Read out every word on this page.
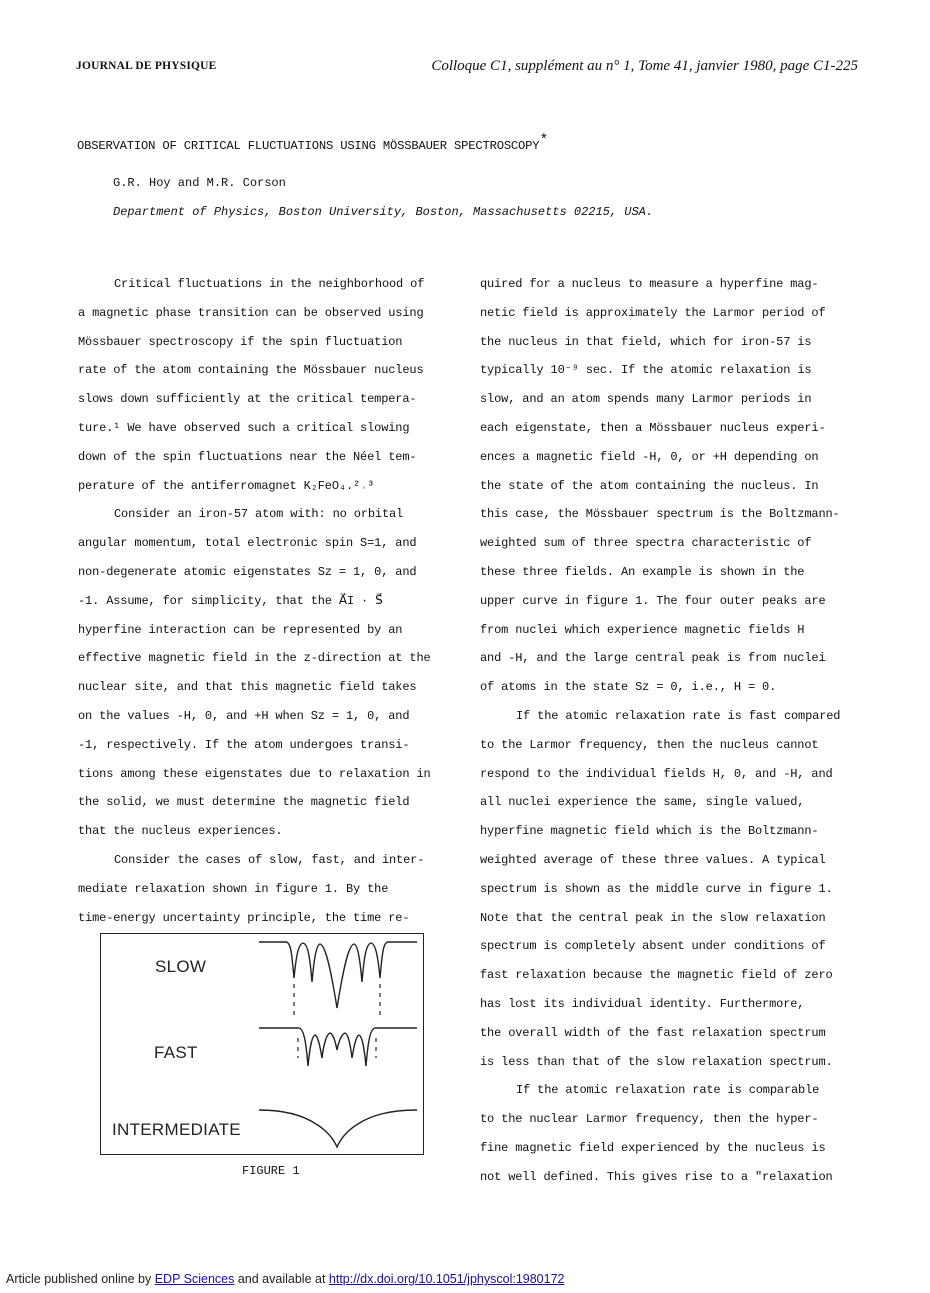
JOURNAL DE PHYSIQUE	Colloque C1, supplément au n° 1, Tome 41, janvier 1980, page C1-225
OBSERVATION OF CRITICAL FLUCTUATIONS USING MÖSSBAUER SPECTROSCOPY*
G.R. Hoy and M.R. Corson
Department of Physics, Boston University, Boston, Massachusetts 02215, USA.

Critical fluctuations in the neighborhood of
a magnetic phase transition can be observed using
Mössbauer spectroscopy if the spin fluctuation
rate of the atom containing the Mössbauer nucleus
slows down sufficiently at the critical tempera-
ture.¹ We have observed such a critical slowing
down of the spin fluctuations near the Néel tem-
perature of the antiferromagnet K₂FeO₄.²˒³

Consider an iron-57 atom with: no orbital
angular momentum, total electronic spin S=1, and
non-degenerate atomic eigenstates Sz = 1, 0, and
-1. Assume, for simplicity, that the A⃗I · S⃗
hyperfine interaction can be represented by an
effective magnetic field in the z-direction at the
nuclear site, and that this magnetic field takes
on the values -H, 0, and +H when Sz = 1, 0, and
-1, respectively. If the atom undergoes transi-
tions among these eigenstates due to relaxation in
the solid, we must determine the magnetic field
that the nucleus experiences.

Consider the cases of slow, fast, and inter-
mediate relaxation shown in figure 1. By the
time-energy uncertainty principle, the time re-

quired for a nucleus to measure a hyperfine mag-
netic field is approximately the Larmor period of
the nucleus in that field, which for iron-57 is
typically 10⁻⁹ sec. If the atomic relaxation is
slow, and an atom spends many Larmor periods in
each eigenstate, then a Mössbauer nucleus experi-
ences a magnetic field -H, 0, or +H depending on
the state of the atom containing the nucleus. In
this case, the Mössbauer spectrum is the Boltzmann-
weighted sum of three spectra characteristic of
these three fields. An example is shown in the
upper curve in figure 1. The four outer peaks are
from nuclei which experience magnetic fields H
and -H, and the large central peak is from nuclei
of atoms in the state Sz = 0, i.e., H = 0.

If the atomic relaxation rate is fast compared
to the Larmor frequency, then the nucleus cannot
respond to the individual fields H, 0, and -H, and
all nuclei experience the same, single valued,
hyperfine magnetic field which is the Boltzmann-
weighted average of these three values. A typical
spectrum is shown as the middle curve in figure 1.
Note that the central peak in the slow relaxation
spectrum is completely absent under conditions of
fast relaxation because the magnetic field of zero
has lost its individual identity. Furthermore,
the overall width of the fast relaxation spectrum
is less than that of the slow relaxation spectrum.

If the atomic relaxation rate is comparable
to the nuclear Larmor frequency, then the hyper-
fine magnetic field experienced by the nucleus is
not well defined. This gives rise to a "relaxation

SLOW
FAST
INTERMEDIATE
FIGURE 1
Article published online by EDP Sciences and available at http://dx.doi.org/10.1051/jphyscol:1980172
